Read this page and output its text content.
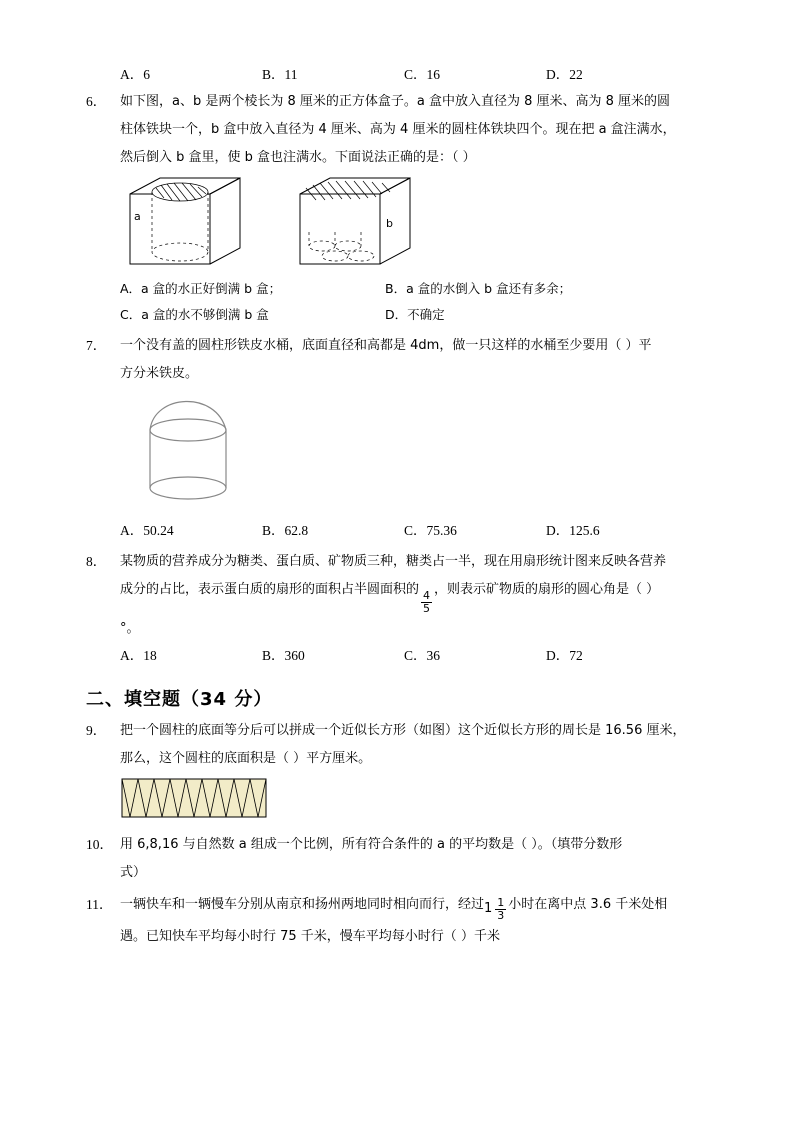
A．6	B．11	C．16	D．22
6．	如下图，a、b 是两个棱长为 8 厘米的正方体盒子。a 盒中放入直径为 8 厘米、高为 8 厘米的圆
柱体铁块一个，b 盒中放入直径为 4 厘米、高为 4 厘米的圆柱体铁块四个。现在把 a 盒注满水，
然后倒入 b 盒里，使 b 盒也注满水。下面说法正确的是：（ ）
a
b
A．a 盒的水正好倒满 b 盒；	B．a 盒的水倒入 b 盒还有多余；
C．a 盒的水不够倒满 b 盒	D．不确定
7．	一个没有盖的圆柱形铁皮水桶，底面直径和高都是 4dm，做一只这样的水桶至少要用（ ）平
方分米铁皮。
A．50.24	B．62.8	C．75.36	D．125.6
8．	某物质的营养成分为糖类、蛋白质、矿物质三种，糖类占一半，现在用扇形统计图来反映各营养
成分的占比，表示蛋白质的扇形的面积占半圆面积的
$\frac{4}{5}$
，则表示矿物质的扇形的圆心角是（ ）
°。
A．18	B．360	C．36	D．72
二、填空题（34 分）
9．	把一个圆柱的底面等分后可以拼成一个近似长方形（如图）这个近似长方形的周长是 16.56 厘米，
那么，这个圆柱的底面积是（ ）平方厘米。
10． 用 6,8,16 与自然数 a 组成一个比例，所有符合条件的 a 的平均数是（ ）。（填带分数形
式）
11． 一辆快车和一辆慢车分别从南京和扬州两地同时相向而行，经过 $1 \frac{1}{3}$ 小时在离中点 3.6 千米处相
遇。已知快车平均每小时行 75 千米，慢车平均每小时行（ ）千米
